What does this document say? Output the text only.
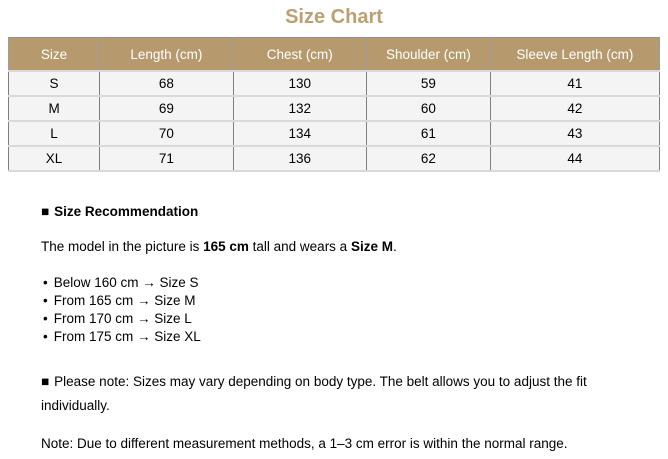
Size Chart
Size	Length (cm)	Chest (cm)	Shoulder (cm)	Sleeve Length (cm)
S	68	130	59	41
M	69	132	60	42
L	70	134	61	43
XL	71	136	62	44

■ Size Recommendation

The model in the picture is 165 cm tall and wears a Size M.

• Below 160 cm → Size S
• From 165 cm → Size M
• From 170 cm → Size L
• From 175 cm → Size XL

■ Please note: Sizes may vary depending on body type. The belt allows you to adjust the fit individually.

Note: Due to different measurement methods, a 1–3 cm error is within the normal range.
